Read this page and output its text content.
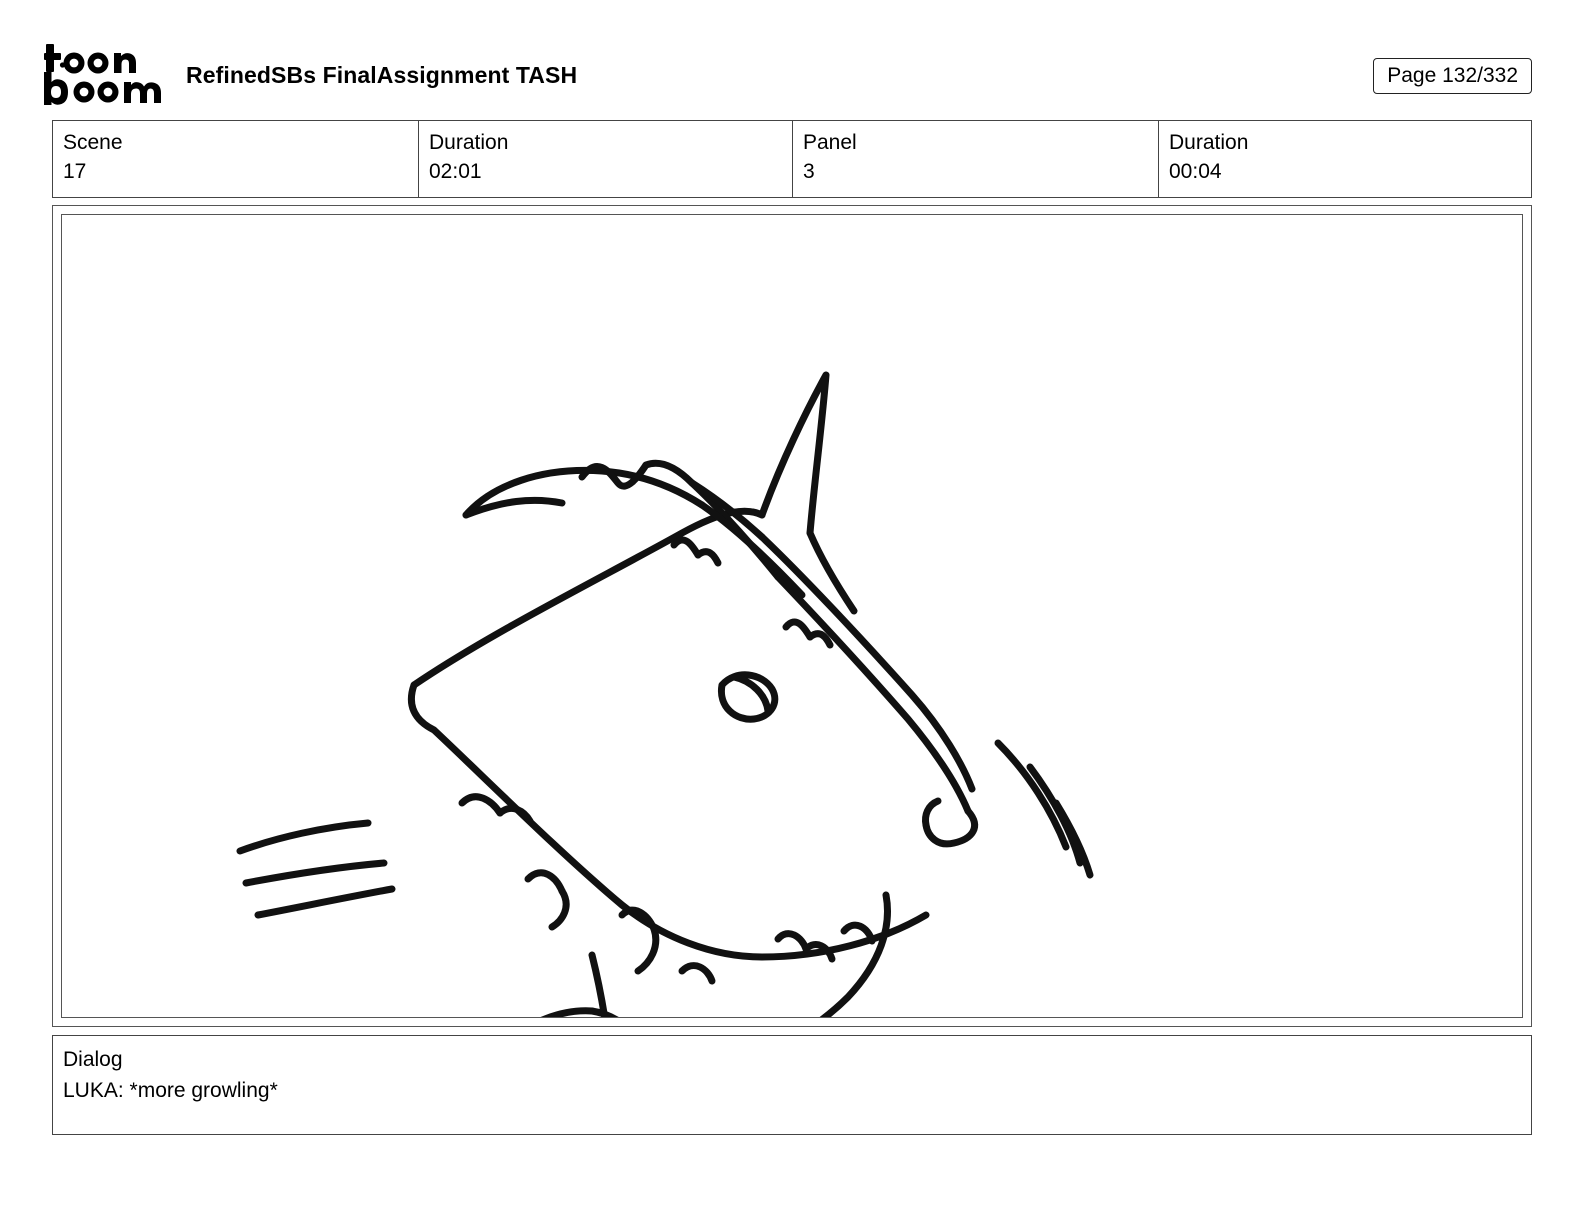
RefinedSBs FinalAssignment TASH	Page 132/332
Scene
17
Duration
02:01
Panel
3
Duration
00:04
Dialog
LUKA: *more growling*
